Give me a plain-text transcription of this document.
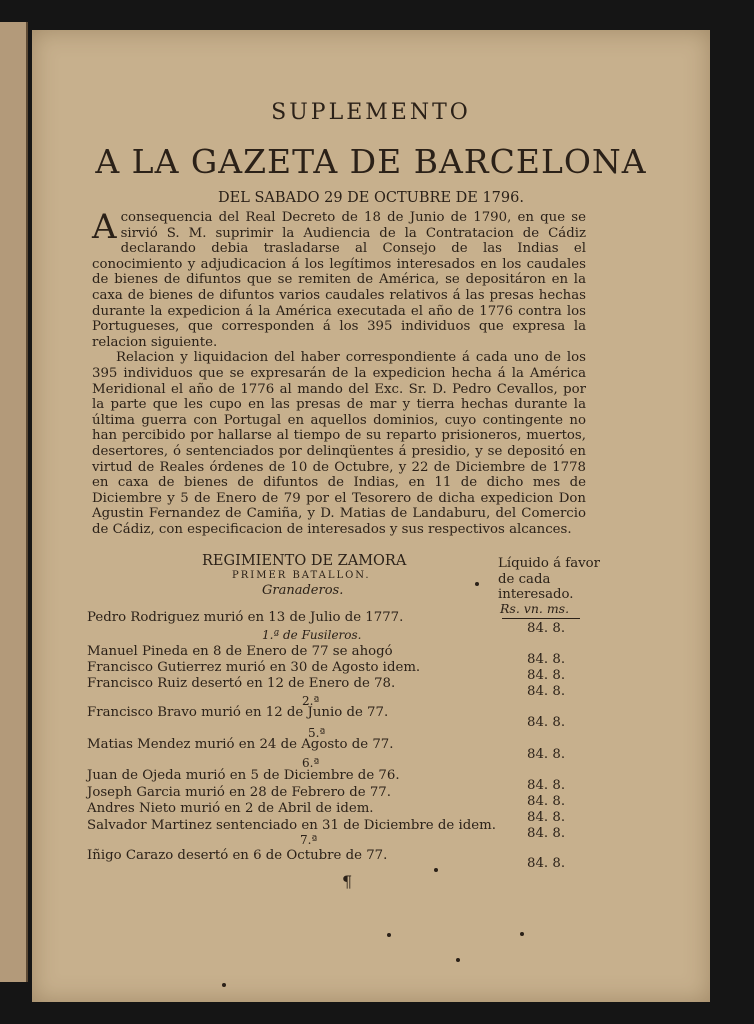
SUPLEMENTO
A LA GAZETA DE BARCELONA
DEL SABADO 29 DE OCTUBRE DE 1796.

Aconsequencia del Real Decreto de 18 de Junio de 1790, en que se sirvió S. M. suprimir la Audiencia de la Contratacion de Cádiz declarando debia trasladarse al Consejo de las Indias el conocimiento y adjudicacion á los legítimos interesados en los caudales de bienes de difuntos que se remiten de América, se depositáron en la caxa de bienes de difuntos varios caudales relativos á las presas hechas durante la expedicion á la América executada el año de 1776 contra los Portugueses, que corresponden á los 395 individuos que expresa la relacion siguiente.

Relacion y liquidacion del haber correspondiente á cada uno de los 395 individuos que se expresarán de la expedicion hecha á la América Meridional el año de 1776 al mando del Exc. Sr. D. Pedro Cevallos, por la parte que les cupo en las presas de mar y tierra hechas durante la última guerra con Portugal en aquellos dominios, cuyo contingente no han percibido por hallarse al tiempo de su reparto prisioneros, muertos, desertores, ó sentenciados por delinqüentes á presidio, y se depositó en virtud de Reales órdenes de 10 de Octubre, y 22 de Diciembre de 1778 en caxa de bienes de difuntos de Indias, en 11 de dicho mes de Diciembre y 5 de Enero de 79 por el Tesorero de dicha expedicion Don Agustin Fernandez de Camiña, y D. Matias de Landaburu, del Comercio de Cádiz, con especificacion de interesados y sus respectivos alcances.

REGIMIENTO DE ZAMORA
PRIMER BATALLON.
Granaderos.
Líquido á favor de cada interesado.
Rs. vn. ms.
Pedro Rodriguez murió en 13 de Julio de 1777.
84. 8.
1.ª de Fusileros.
Manuel Pineda en 8 de Enero de 77 se ahogó
84. 8.
Francisco Gutierrez murió en 30 de Agosto idem.
84. 8.
Francisco Ruiz desertó en 12 de Enero de 78.
84. 8.
2.ª
Francisco Bravo murió en 12 de Junio de 77.
84. 8.
5.ª
Matias Mendez murió en 24 de Agosto de 77.
84. 8.
6.ª
Juan de Ojeda murió en 5 de Diciembre de 76.
84. 8.
Joseph Garcia murió en 28 de Febrero de 77.
84. 8.
Andres Nieto murió en 2 de Abril de idem.
84. 8.
Salvador Martinez sentenciado en 31 de Diciembre de idem.
84. 8.
7.ª
Iñigo Carazo desertó en 6 de Octubre de 77.
84. 8.
¶
